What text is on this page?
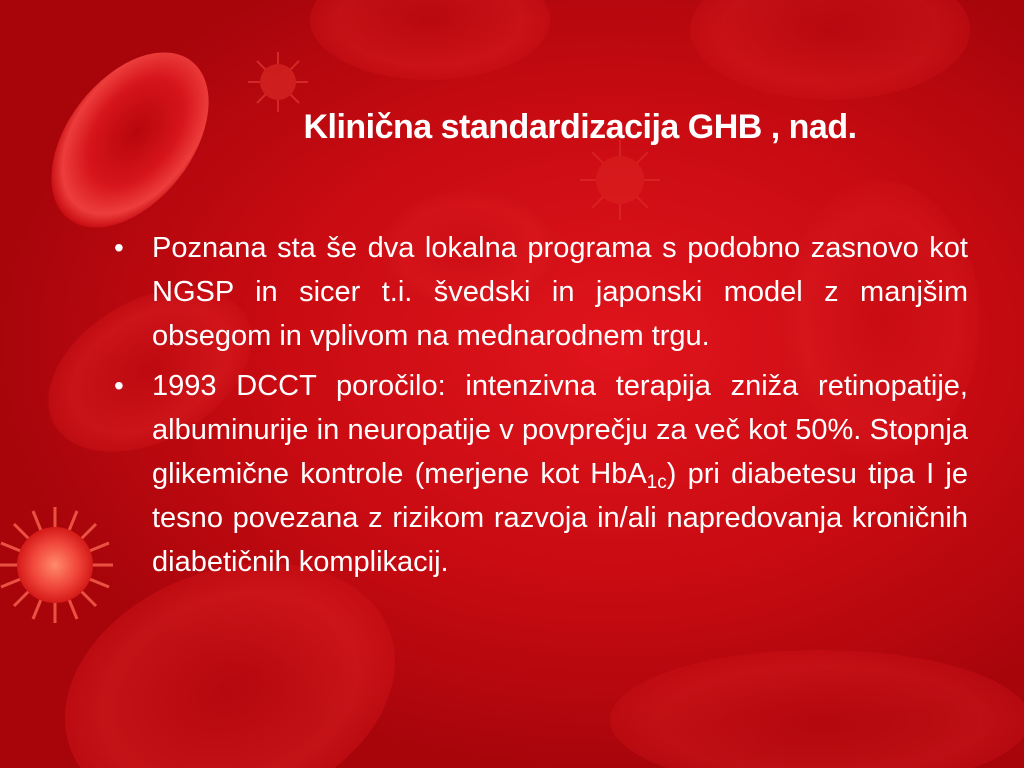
Klinična standardizacija GHB , nad.
• Poznana sta še dva lokalna programa s podobno zasnovo kot NGSP in sicer t.i. švedski in japonski model z manjšim obsegom in vplivom na mednarodnem trgu.
• 1993 DCCT poročilo: intenzivna terapija zniža retinopatije, albuminurije in neuropatije v povprečju za več kot 50%. Stopnja glikemične kontrole (merjene kot HbA$_{1c}$) pri diabetesu tipa I je tesno povezana z rizikom razvoja in/ali napredovanja kroničnih diabetičnih komplikacij.
